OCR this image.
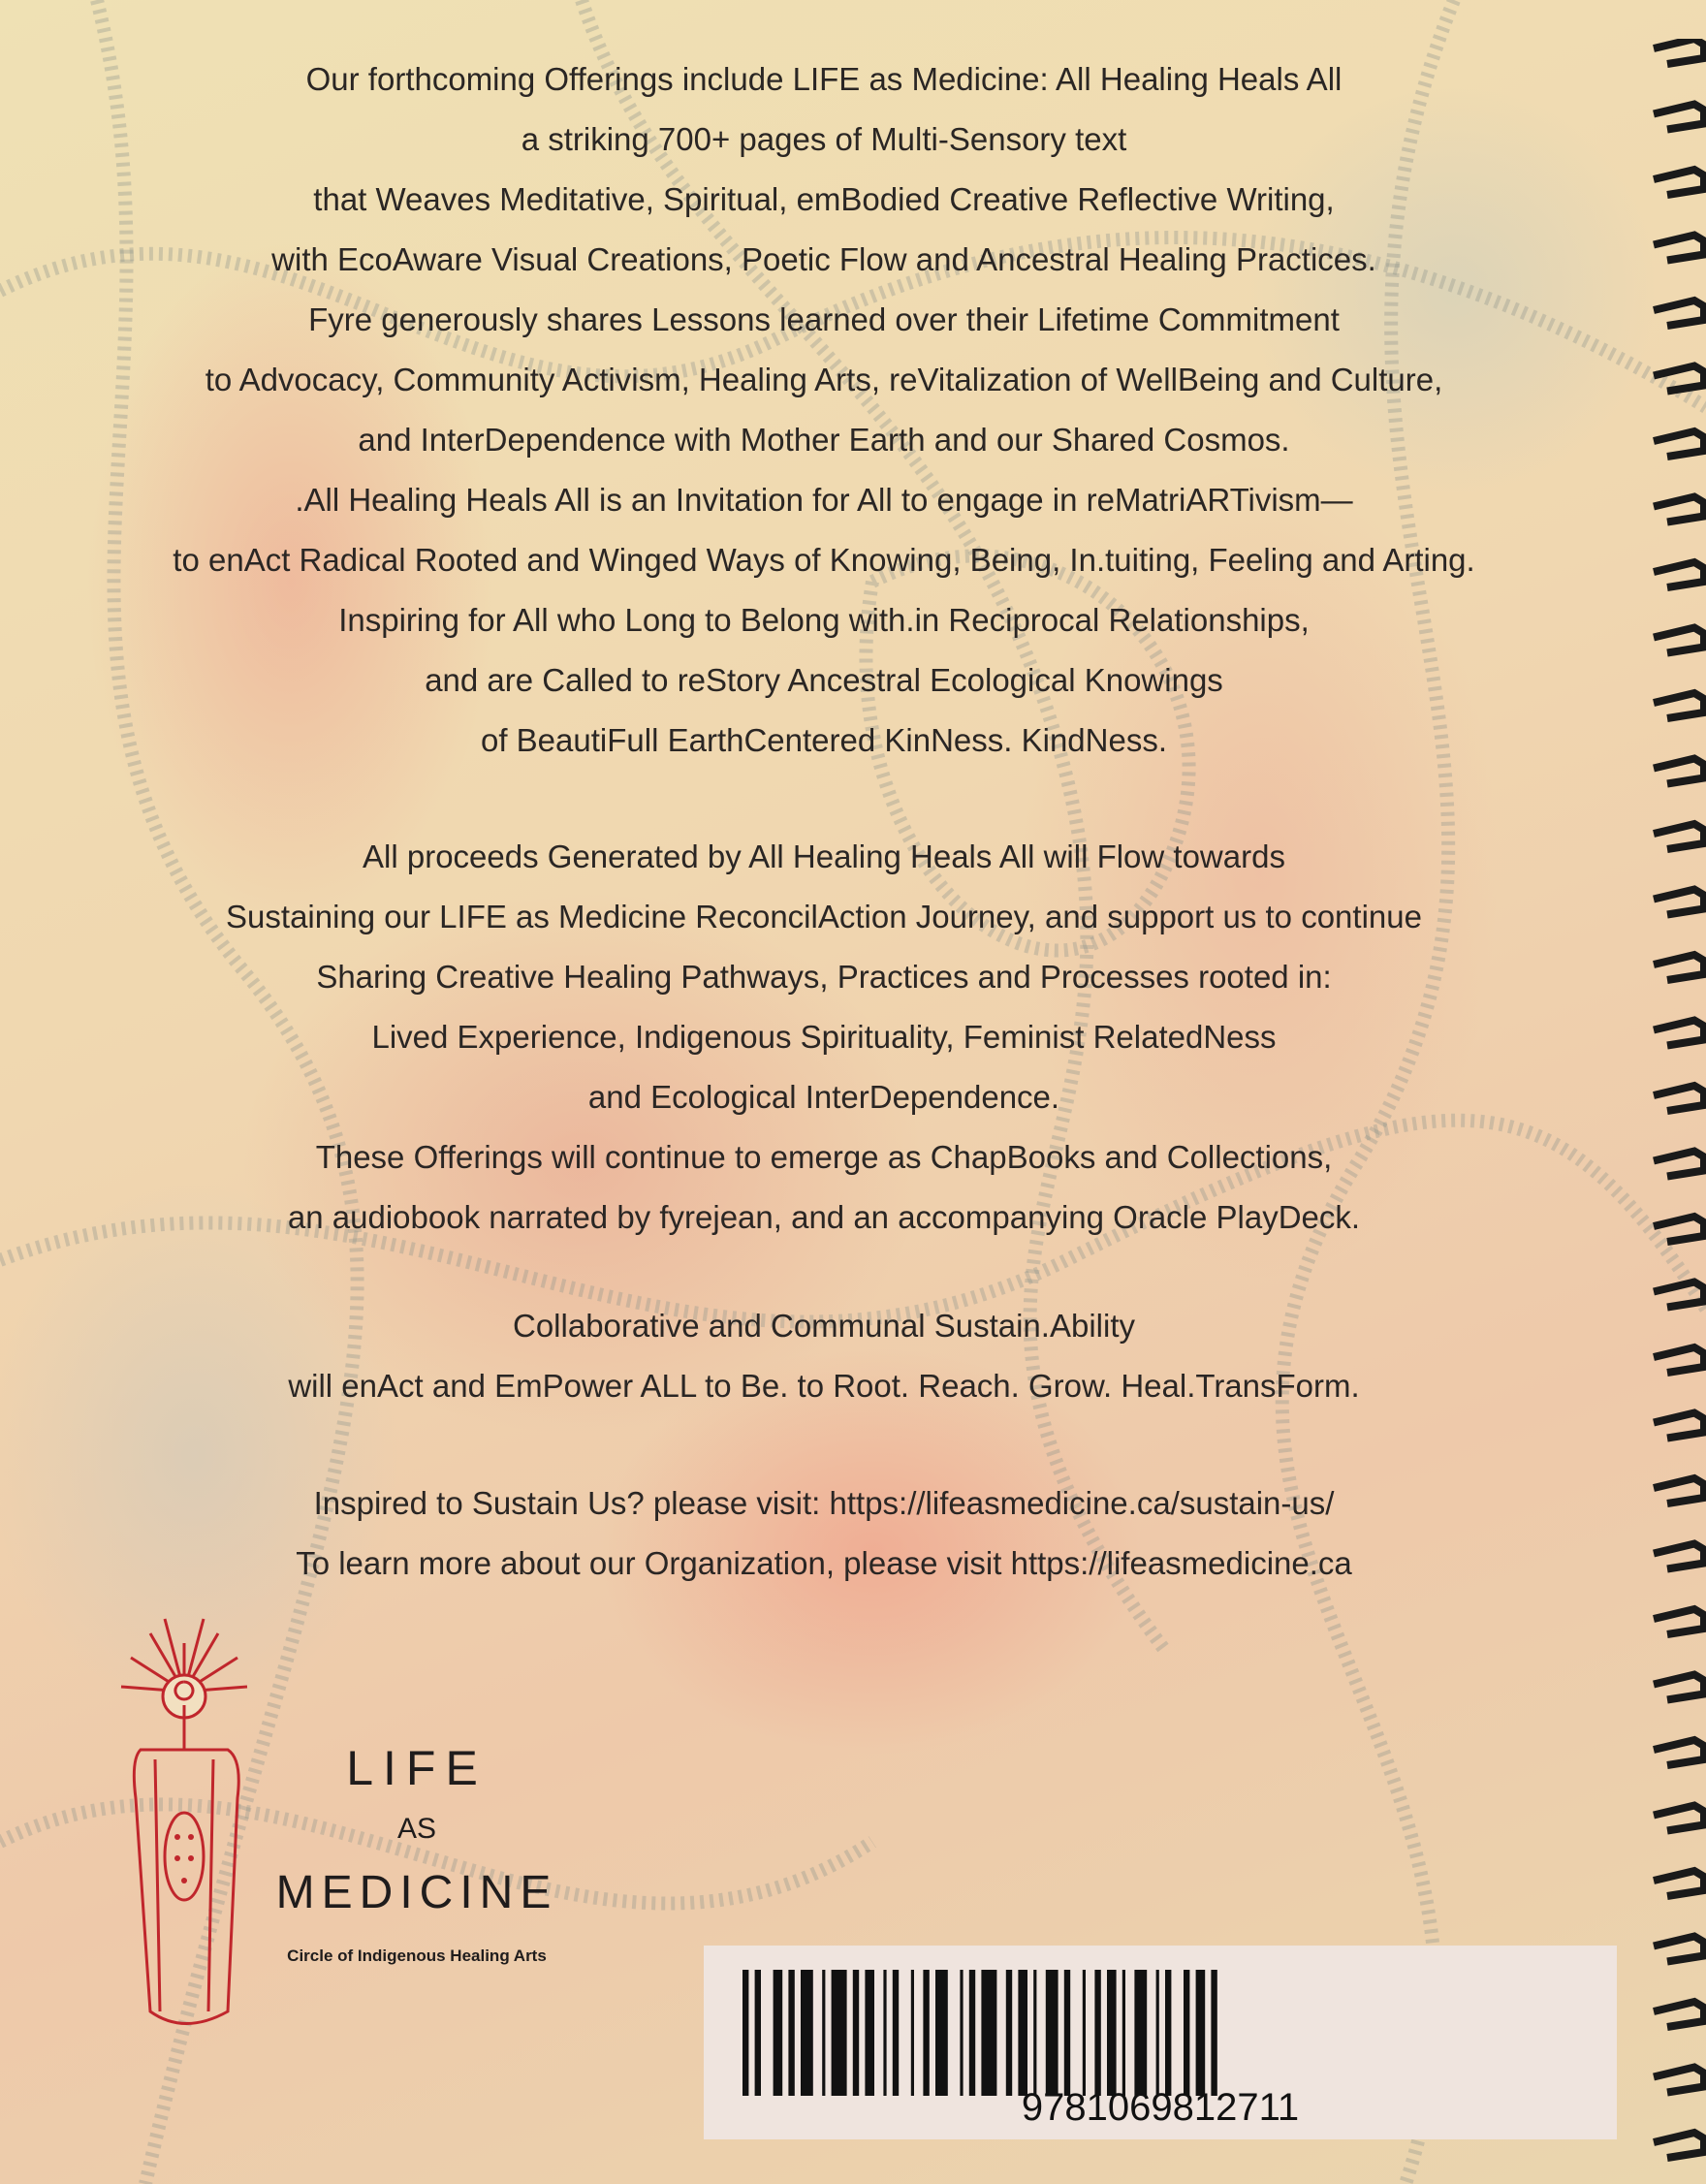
Our forthcoming Offerings include LIFE as Medicine: All Healing Heals All
a striking 700+ pages of Multi-Sensory text
that Weaves Meditative, Spiritual, emBodied Creative Reflective Writing,
with EcoAware Visual Creations, Poetic Flow and Ancestral Healing Practices.
Fyre generously shares Lessons learned over their Lifetime Commitment
to Advocacy, Community Activism, Healing Arts, reVitalization of WellBeing and Culture,
and InterDependence with Mother Earth and our Shared Cosmos.
.All Healing Heals All is an Invitation for All to engage in reMatriARTivism—
to enAct Radical Rooted and Winged Ways of Knowing, Being, In.tuiting, Feeling and Arting.
Inspiring for All who Long to Belong with.in Reciprocal Relationships,
and are Called to reStory Ancestral Ecological Knowings
of BeautiFull EarthCentered KinNess. KindNess.
All proceeds Generated by All Healing Heals All will Flow towards
Sustaining our LIFE as Medicine ReconcilAction Journey, and support us to continue
Sharing Creative Healing Pathways, Practices and Processes rooted in:
Lived Experience, Indigenous Spirituality, Feminist RelatedNess
and Ecological InterDependence.
These Offerings will continue to emerge as ChapBooks and Collections,
an audiobook narrated by fyrejean, and an accompanying Oracle PlayDeck.
Collaborative and Communal Sustain.Ability
will enAct and EmPower ALL to Be. to Root. Reach. Grow. Heal.TransForm.
Inspired to Sustain Us? please visit: https://lifeasmedicine.ca/sustain-us/
To learn more about our Organization, please visit https://lifeasmedicine.ca
LIFE
AS
MEDICINE
Circle of Indigenous Healing Arts
9781069812711
